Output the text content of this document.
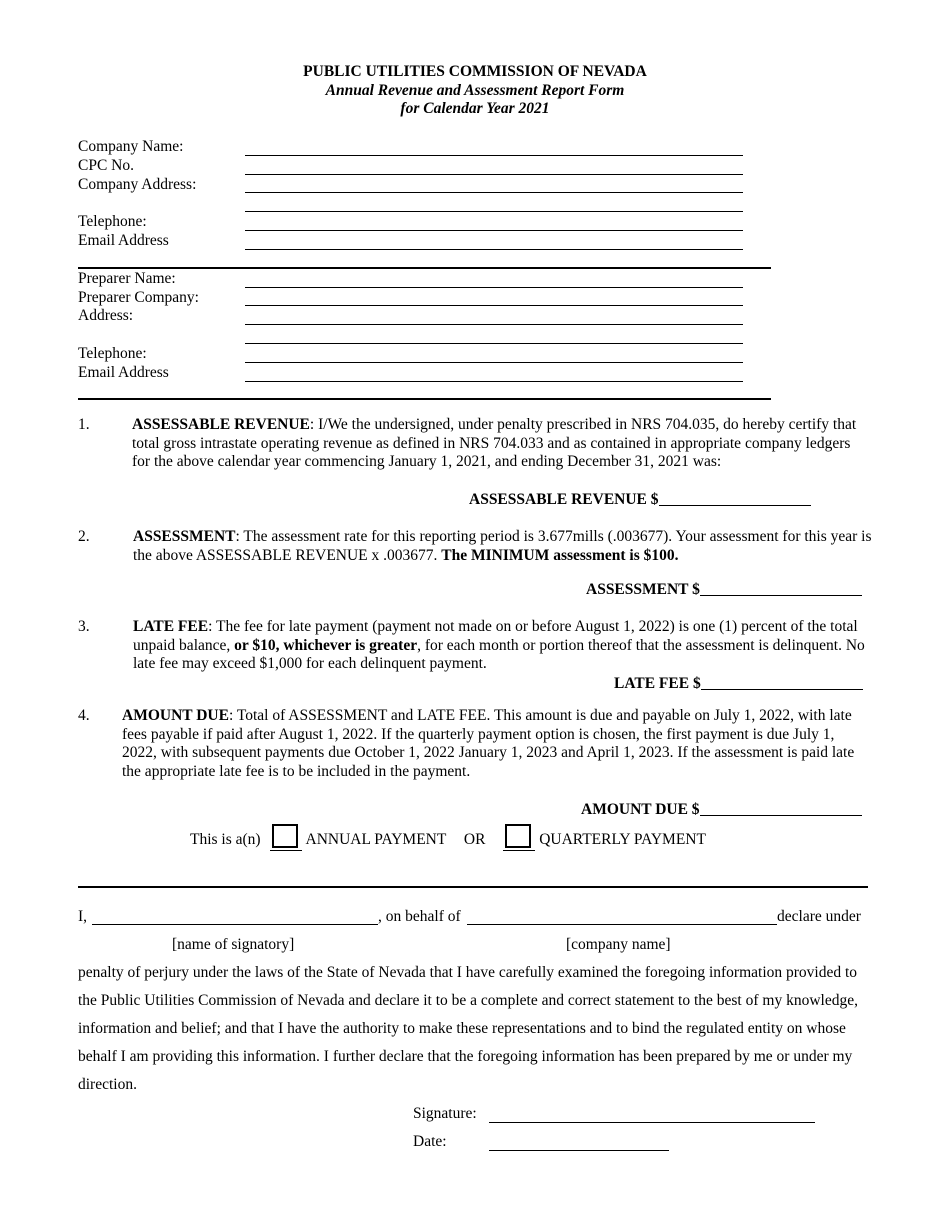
PUBLIC UTILITIES COMMISSION OF NEVADA
Annual Revenue and Assessment Report Form
for Calendar Year 2021
Company Name:
CPC No.
Company Address:
Telephone:
Email Address
Preparer Name:
Preparer Company:
Address:
Telephone:
Email Address
1.	ASSESSABLE REVENUE: I/We the undersigned, under penalty prescribed in NRS 704.035, do hereby certify that total gross intrastate operating revenue as defined in NRS 704.033 and as contained in appropriate company ledgers for the above calendar year commencing January 1, 2021, and ending December 31, 2021 was:
ASSESSABLE REVENUE $
2.	ASSESSMENT: The assessment rate for this reporting period is 3.677mills (.003677). Your assessment for this year is the above ASSESSABLE REVENUE x .003677. The MINIMUM assessment is $100.
ASSESSMENT $
3.	LATE FEE: The fee for late payment (payment not made on or before August 1, 2022) is one (1) percent of the total unpaid balance, or $10, whichever is greater, for each month or portion thereof that the assessment is delinquent. No late fee may exceed $1,000 for each delinquent payment.
LATE FEE $
4. AMOUNT DUE: Total of ASSESSMENT and LATE FEE. This amount is due and payable on July 1, 2022, with late fees payable if paid after August 1, 2022. If the quarterly payment option is chosen, the first payment is due July 1, 2022, with subsequent payments due October 1, 2022 January 1, 2023 and April 1, 2023. If the assessment is paid late the appropriate late fee is to be included in the payment.
AMOUNT DUE $
This is a(n)	ANNUAL PAYMENT OR	QUARTERLY PAYMENT
I,	, on behalf of	declare under
[name of signatory]	[company name]
penalty of perjury under the laws of the State of Nevada that I have carefully examined the foregoing information provided to the Public Utilities Commission of Nevada and declare it to be a complete and correct statement to the best of my knowledge, information and belief; and that I have the authority to make these representations and to bind the regulated entity on whose behalf I am providing this information. I further declare that the foregoing information has been prepared by me or under my direction.
Signature:
Date:
